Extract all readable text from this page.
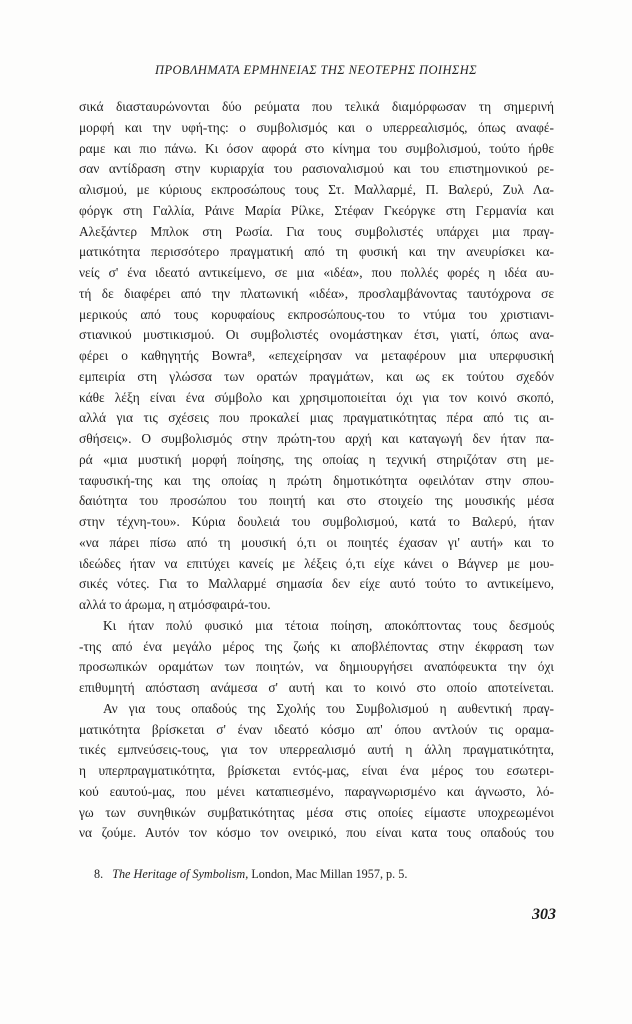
ΠΡΟΒΛΗΜΑΤΑ ΕΡΜΗΝΕΙΑΣ ΤΗΣ ΝΕΟΤΕΡΗΣ ΠΟΙΗΣΗΣ
σικά διασταυρώνονται δύο ρεύματα που τελικά διαμόρφωσαν τη σημερινή
μορφή και την υφή-της: ο συμβολισμός και ο υπερρεαλισμός, όπως αναφέ-
ραμε και πιο πάνω. Κι όσον αφορά στο κίνημα του συμβολισμού, τούτο ήρθε
σαν αντίδραση στην κυριαρχία του ρασιοναλισμού και του επιστημονικού ρε-
αλισμού, με κύριους εκπροσώπους τους Στ. Μαλλαρμέ, Π. Βαλερύ, Ζυλ Λα-
φόργκ στη Γαλλία, Ράινε Μαρία Ρίλκε, Στέφαν Γκεόργκε στη Γερμανία και
Αλεξάντερ Μπλοκ στη Ρωσία. Για τους συμβολιστές υπάρχει μια πραγ-
ματικότητα περισσότερο πραγματική από τη φυσική και την ανευρίσκει κα-
νείς σ' ένα ιδεατό αντικείμενο, σε μια «ιδέα», που πολλές φορές η ιδέα αυ-
τή δε διαφέρει από την πλατωνική «ιδέα», προσλαμβάνοντας ταυτόχρονα σε
μερικούς από τους κορυφαίους εκπροσώπους-του το ντύμα του χριστιανι-
στιανικού μυστικισμού. Οι συμβολιστές ονομάστηκαν έτσι, γιατί, όπως ανα-
φέρει ο καθηγητής Bowra⁸, «επεχείρησαν να μεταφέρουν μια υπερφυσική
εμπειρία στη γλώσσα των ορατών πραγμάτων, και ως εκ τούτου σχεδόν
κάθε λέξη είναι ένα σύμβολο και χρησιμοποιείται όχι για τον κοινό σκοπό,
αλλά για τις σχέσεις που προκαλεί μιας πραγματικότητας πέρα από τις αι-
σθήσεις». Ο συμβολισμός στην πρώτη-του αρχή και καταγωγή δεν ήταν πα-
ρά «μια μυστική μορφή ποίησης, της οποίας η τεχνική στηριζόταν στη με-
ταφυσική-της και της οποίας η πρώτη δημοτικότητα οφειλόταν στην σπου-
δαιότητα του προσώπου του ποιητή και στο στοιχείο της μουσικής μέσα
στην τέχνη-του». Κύρια δουλειά του συμβολισμού, κατά το Βαλερύ, ήταν
«να πάρει πίσω από τη μουσική ό,τι οι ποιητές έχασαν γι' αυτή» και το
ιδεώδες ήταν να επιτύχει κανείς με λέξεις ό,τι είχε κάνει ο Βάγνερ με μου-
σικές νότες. Για το Μαλλαρμέ σημασία δεν είχε αυτό τούτο το αντικείμενο,
αλλά το άρωμα, η ατμόσφαιρά-του.
Κι ήταν πολύ φυσικό μια τέτοια ποίηση, αποκόπτοντας τους δεσμούς
-της από ένα μεγάλο μέρος της ζωής κι αποβλέποντας στην έκφραση των
προσωπικών οραμάτων των ποιητών, να δημιουργήσει αναπόφευκτα την όχι
επιθυμητή απόσταση ανάμεσα σ' αυτή και το κοινό στο οποίο αποτείνεται.
Αν για τους οπαδούς της Σχολής του Συμβολισμού η αυθεντική πραγ-
ματικότητα βρίσκεται σ' έναν ιδεατό κόσμο απ' όπου αντλούν τις οραμα-
τικές εμπνεύσεις-τους, για τον υπερρεαλισμό αυτή η άλλη πραγματικότητα,
η υπερπραγματικότητα, βρίσκεται εντός-μας, είναι ένα μέρος του εσωτερι-
κού εαυτού-μας, που μένει καταπιεσμένο, παραγνωρισμένο και άγνωστο, λό-
γω των συνηθικών συμβατικότητας μέσα στις οποίες είμαστε υποχρεωμένοι
να ζούμε. Αυτόν τον κόσμο τον ονειρικό, που είναι κατα τους οπαδούς του
8. The Heritage of Symbolism, London, Mac Millan 1957, p. 5.
303
